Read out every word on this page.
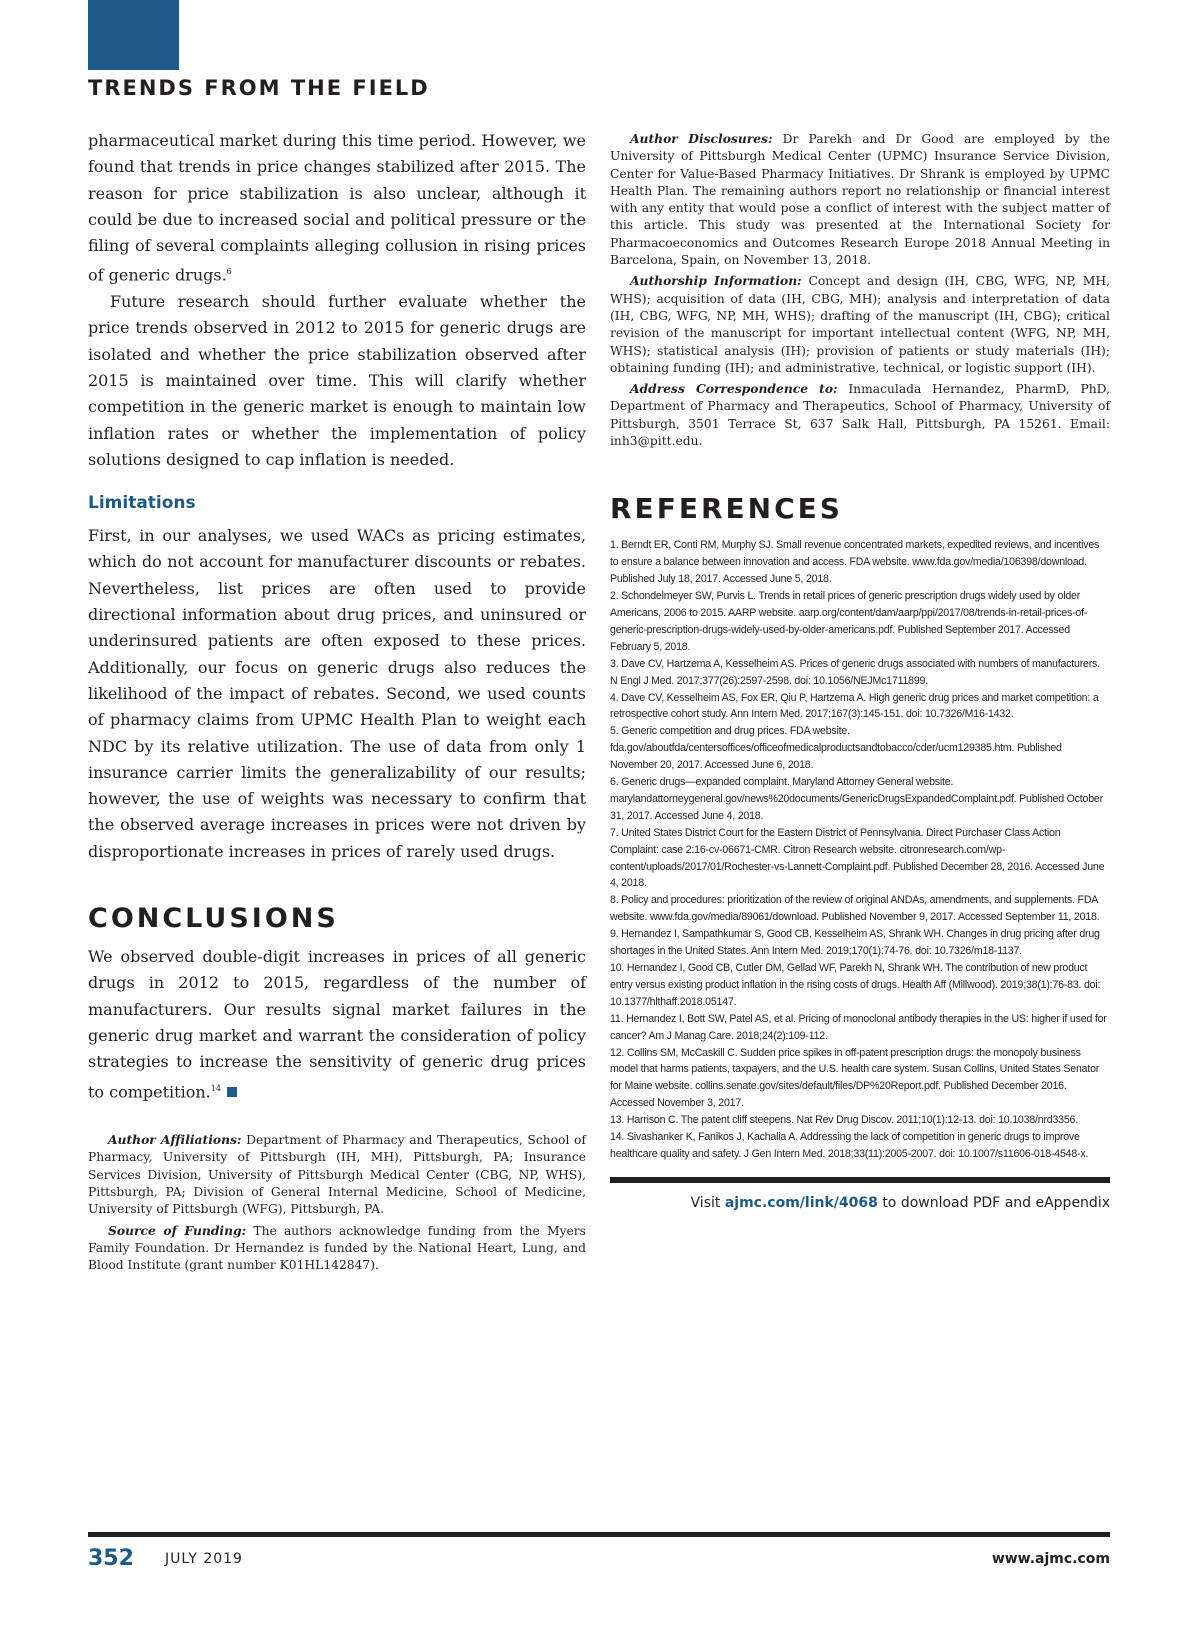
TRENDS FROM THE FIELD

pharmaceutical market during this time period. However, we found that trends in price changes stabilized after 2015. The reason for price stabilization is also unclear, although it could be due to increased social and political pressure or the filing of several complaints alleging collusion in rising prices of generic drugs.$^6$

Future research should further evaluate whether the price trends observed in 2012 to 2015 for generic drugs are isolated and whether the price stabilization observed after 2015 is maintained over time. This will clarify whether competition in the generic market is enough to maintain low inflation rates or whether the implementation of policy solutions designed to cap inflation is needed.

Limitations

First, in our analyses, we used WACs as pricing estimates, which do not account for manufacturer discounts or rebates. Nevertheless, list prices are often used to provide directional information about drug prices, and uninsured or underinsured patients are often exposed to these prices. Additionally, our focus on generic drugs also reduces the likelihood of the impact of rebates. Second, we used counts of pharmacy claims from UPMC Health Plan to weight each NDC by its relative utilization. The use of data from only 1 insurance carrier limits the generalizability of our results; however, the use of weights was necessary to confirm that the observed average increases in prices were not driven by disproportionate increases in prices of rarely used drugs.

CONCLUSIONS

We observed double-digit increases in prices of all generic drugs in 2012 to 2015, regardless of the number of manufacturers. Our results signal market failures in the generic drug market and warrant the consideration of policy strategies to increase the sensitivity of generic drug prices to competition.$^{14}$

Author Affiliations: Department of Pharmacy and Therapeutics, School of Pharmacy, University of Pittsburgh (IH, MH), Pittsburgh, PA; Insurance Services Division, University of Pittsburgh Medical Center (CBG, NP, WHS), Pittsburgh, PA; Division of General Internal Medicine, School of Medicine, University of Pittsburgh (WFG), Pittsburgh, PA.

Source of Funding: The authors acknowledge funding from the Myers Family Foundation. Dr Hernandez is funded by the National Heart, Lung, and Blood Institute (grant number K01HL142847).

Author Disclosures: Dr Parekh and Dr Good are employed by the University of Pittsburgh Medical Center (UPMC) Insurance Service Division, Center for Value-Based Pharmacy Initiatives. Dr Shrank is employed by UPMC Health Plan. The remaining authors report no relationship or financial interest with any entity that would pose a conflict of interest with the subject matter of this article. This study was presented at the International Society for Pharmacoeconomics and Outcomes Research Europe 2018 Annual Meeting in Barcelona, Spain, on November 13, 2018.

Authorship Information: Concept and design (IH, CBG, WFG, NP, MH, WHS); acquisition of data (IH, CBG, MH); analysis and interpretation of data (IH, CBG, WFG, NP, MH, WHS); drafting of the manuscript (IH, CBG); critical revision of the manuscript for important intellectual content (WFG, NP, MH, WHS); statistical analysis (IH); provision of patients or study materials (IH); obtaining funding (IH); and administrative, technical, or logistic support (IH).

Address Correspondence to: Inmaculada Hernandez, PharmD, PhD, Department of Pharmacy and Therapeutics, School of Pharmacy, University of Pittsburgh, 3501 Terrace St, 637 Salk Hall, Pittsburgh, PA 15261. Email: inh3@pitt.edu.

REFERENCES

1. Berndt ER, Conti RM, Murphy SJ. Small revenue concentrated markets, expedited reviews, and incentives to ensure a balance between innovation and access. FDA website. www.fda.gov/media/106398/download. Published July 18, 2017. Accessed June 5, 2018.

2. Schondelmeyer SW, Purvis L. Trends in retail prices of generic prescription drugs widely used by older Americans, 2006 to 2015. AARP website. aarp.org/content/dam/aarp/ppi/2017/08/trends-in-retail-prices-of-generic-prescription-drugs-widely-used-by-older-americans.pdf. Published September 2017. Accessed February 5, 2018.

3. Dave CV, Hartzema A, Kesselheim AS. Prices of generic drugs associated with numbers of manufacturers. N Engl J Med. 2017;377(26):2597-2598. doi: 10.1056/NEJMc1711899.

4. Dave CV, Kesselheim AS, Fox ER, Qiu P, Hartzema A. High generic drug prices and market competition: a retrospective cohort study. Ann Intern Med. 2017;167(3):145-151. doi: 10.7326/M16-1432.

5. Generic competition and drug prices. FDA website. fda.gov/aboutfda/centersoffices/officeofmedicalproductsandtobacco/cder/ucm129385.htm. Published November 20, 2017. Accessed June 6, 2018.

6. Generic drugs—expanded complaint. Maryland Attorney General website. marylandattorneygeneral.gov/news%20documents/GenericDrugsExpandedComplaint.pdf. Published October 31, 2017. Accessed June 4, 2018.

7. United States District Court for the Eastern District of Pennsylvania. Direct Purchaser Class Action Complaint: case 2:16-cv-06671-CMR. Citron Research website. citronresearch.com/wp-content/uploads/2017/01/Rochester-vs-Lannett-Complaint.pdf. Published December 28, 2016. Accessed June 4, 2018.

8. Policy and procedures: prioritization of the review of original ANDAs, amendments, and supplements. FDA website. www.fda.gov/media/89061/download. Published November 9, 2017. Accessed September 11, 2018.

9. Hernandez I, Sampathkumar S, Good CB, Kesselheim AS, Shrank WH. Changes in drug pricing after drug shortages in the United States. Ann Intern Med. 2019;170(1):74-76. doi: 10.7326/m18-1137.

10. Hernandez I, Good CB, Cutler DM, Gellad WF, Parekh N, Shrank WH. The contribution of new product entry versus existing product inflation in the rising costs of drugs. Health Aff (Millwood). 2019;38(1):76-83. doi: 10.1377/hlthaff.2018.05147.

11. Hernandez I, Bott SW, Patel AS, et al. Pricing of monoclonal antibody therapies in the US: higher if used for cancer? Am J Manag Care. 2018;24(2):109-112.

12. Collins SM, McCaskill C. Sudden price spikes in off-patent prescription drugs: the monopoly business model that harms patients, taxpayers, and the U.S. health care system. Susan Collins, United States Senator for Maine website. collins.senate.gov/sites/default/files/DP%20Report.pdf. Published December 2016. Accessed November 3, 2017.

13. Harrison C. The patent cliff steepens. Nat Rev Drug Discov. 2011;10(1):12-13. doi: 10.1038/nrd3356.

14. Sivashanker K, Fanikos J, Kachalia A. Addressing the lack of competition in generic drugs to improve healthcare quality and safety. J Gen Intern Med. 2018;33(11):2005-2007. doi: 10.1007/s11606-018-4548-x.

Visit ajmc.com/link/4068 to download PDF and eAppendix
352 JULY 2019	www.ajmc.com
